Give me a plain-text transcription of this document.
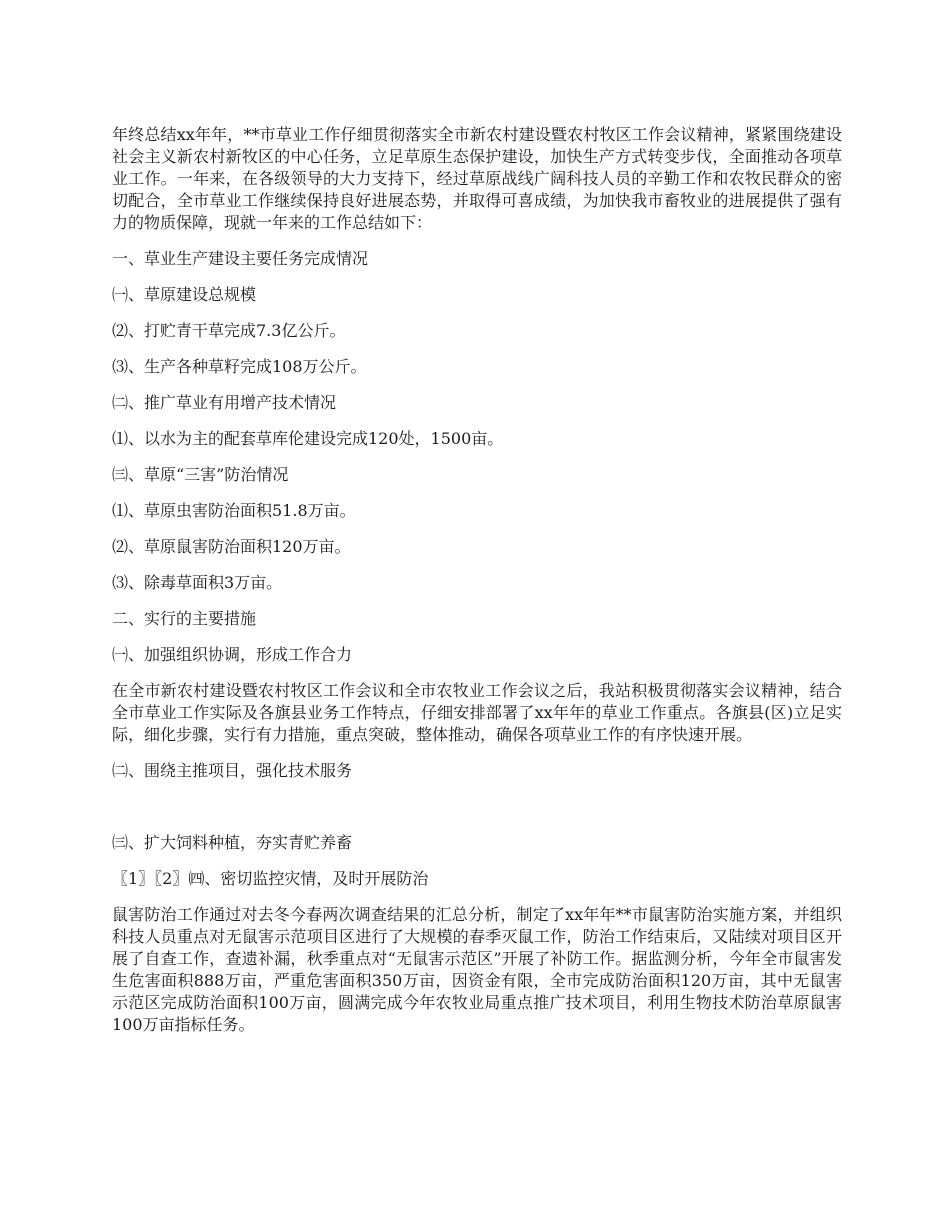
年终总结xx年年，**市草业工作仔细贯彻落实全市新农村建设暨农村牧区工作会议精神，紧紧围绕建设社会主义新农村新牧区的中心任务，立足草原生态保护建设，加快生产方式转变步伐，全面推动各项草业工作。一年来，在各级领导的大力支持下，经过草原战线广阔科技人员的辛勤工作和农牧民群众的密切配合，全市草业工作继续保持良好进展态势，并取得可喜成绩，为加快我市畜牧业的进展提供了强有力的物质保障，现就一年来的工作总结如下：

一、草业生产建设主要任务完成情况
㈠、草原建设总规模
⑵、打贮青干草完成7.3亿公斤。
⑶、生产各种草籽完成108万公斤。
㈡、推广草业有用增产技术情况
⑴、以水为主的配套草库伦建设完成120处，1500亩。
㈢、草原“三害”防治情况
⑴、草原虫害防治面积51.8万亩。
⑵、草原鼠害防治面积120万亩。
⑶、除毒草面积3万亩。
二、实行的主要措施
㈠、加强组织协调，形成工作合力

在全市新农村建设暨农村牧区工作会议和全市农牧业工作会议之后，我站积极贯彻落实会议精神，结合全市草业工作实际及各旗县业务工作特点，仔细安排部署了xx年年的草业工作重点。各旗县(区)立足实际，细化步骤，实行有力措施，重点突破，整体推动，确保各项草业工作的有序快速开展。

㈡、围绕主推项目，强化技术服务
㈢、扩大饲料种植，夯实青贮养畜
〖1〗〖2〗㈣、密切监控灾情，及时开展防治

鼠害防治工作通过对去冬今春两次调查结果的汇总分析，制定了xx年年**市鼠害防治实施方案，并组织科技人员重点对无鼠害示范项目区进行了大规模的春季灭鼠工作，防治工作结束后，又陆续对项目区开展了自查工作，查遗补漏，秋季重点对“无鼠害示范区”开展了补防工作。据监测分析，今年全市鼠害发生危害面积888万亩，严重危害面积350万亩，因资金有限，全市完成防治面积120万亩，其中无鼠害示范区完成防治面积100万亩，圆满完成今年农牧业局重点推广技术项目，利用生物技术防治草原鼠害100万亩指标任务。
